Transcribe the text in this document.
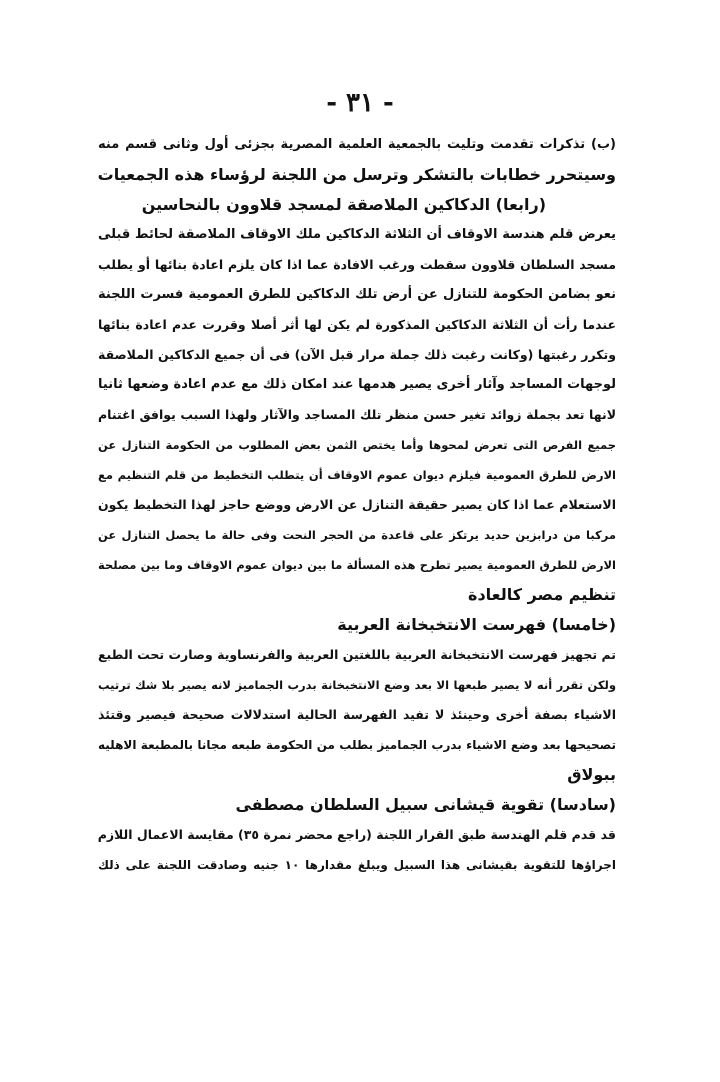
- ٣١ -
(ب) تذكرات تقدمت وتليت بالجمعية العلمية المصرية بجزئى أول وثانى قسم منه
وسيتحرر خطابات بالتشكر وترسل من اللجنة لرؤساء هذه الجمعيات
(رابعا) الدكاكين الملاصقة لمسجد قلاوون بالنحاسين
يعرض قلم هندسة الاوقاف أن الثلاثة الدكاكين ملك الاوقاف الملاصقة لحائط قبلى
مسجد السلطان قلاوون سقطت ورغب الافادة عما اذا كان يلزم اعادة بنائها أو يطلب
نعو بضامن الحكومة للتنازل عن أرض تلك الدكاكين للطرق العمومية فسرت اللجنة
عندما رأت أن الثلاثة الدكاكين المذكورة لم يكن لها أثر أصلا وقررت عدم اعادة بنائها
وتكرر رغبتها (وكانت رغبت ذلك جملة مرار قبل الآن) فى أن جميع الدكاكين الملاصقة
لوجهات المساجد وآثار أخرى يصير هدمها عند امكان ذلك مع عدم اعادة وضعها ثانيا
لانها تعد بجملة زوائد تغير حسن منظر تلك المساجد والآثار ولهذا السبب يوافق اغتنام
جميع الفرص التى تعرض لمحوها وأما يختص الثمن بعض المطلوب من الحكومة التنازل عن
الارض للطرق العمومية فيلزم ديوان عموم الاوقاف أن يتطلب التخطيط من قلم التنظيم مع
الاستعلام عما اذا كان يصير حقيقة التنازل عن الارض ووضع حاجز لهذا التخطيط يكون
مركبا من درابزين حديد يرتكز على قاعدة من الحجر النحت وفى حالة ما يحصل التنازل عن
الارض للطرق العمومية يصير تطرح هذه المسألة ما بين ديوان عموم الاوقاف وما بين مصلحة
تنظيم مصر كالعادة
(خامسا) فهرست الانتخبخانة العربية
تم تجهيز فهرست الانتخبخانة العربية باللغتين العربية والفرنساوية وصارت تحت الطبع
ولكن تقرر أنه لا يصير طبعها الا بعد وضع الانتخبخانة بدرب الجماميز لانه يصير بلا شك ترتيب
الاشياء بصفة أخرى وحينئذ لا تفيد الفهرسة الحالية استدلالات صحيحة فيصير وقتئذ
تصحيحها بعد وضع الاشياء بدرب الجماميز بطلب من الحكومة طبعه مجانا بالمطبعة الاهليه
ببولاق
(سادسا) تقوية قيشانى سبيل السلطان مصطفى
قد قدم قلم الهندسة طبق القرار اللجنة (راجع محضر نمرة ٣٥) مقايسة الاعمال اللازم
اجراؤها للتقوية بقيشانى هذا السبيل ويبلغ مقدارها ١٠ جنيه وصادقت اللجنة على ذلك
